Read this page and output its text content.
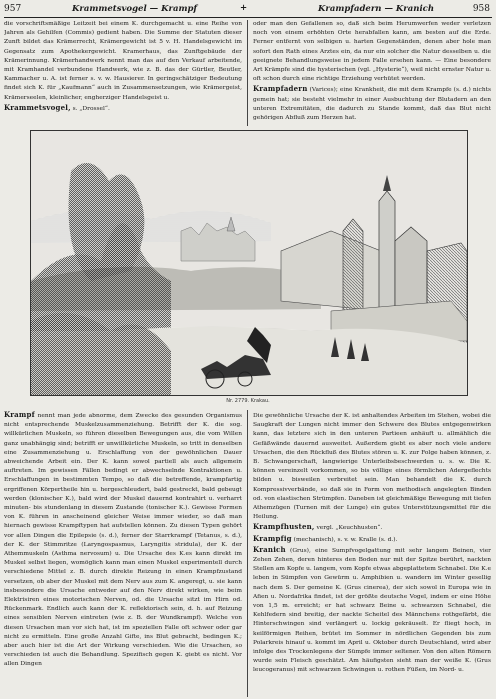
957	Krammetsvogel — Krampf	+	Krampfadern — Kranich	958

die vorschriftsmäßige Leitzeit bei einem K. durchgemacht u. eine Reihe von Jahren als Gehilfen (Commis) gedient haben. Die Summe der Statuten dieser Zunft bildet das Krämerrecht, Krämergewicht ist 5 v. H. Handelsgewicht im Gegensatz zum Apothekergewicht. Kramerhaus, das Zunftgebäude der Krämerinnung. Krämerhandwerk nennt man das auf den Verkauf arbeitende, mit Kramhandel verbundene Handwerk, wie z. B. das der Gürtler, Beutler, Kammacher u. A. ist ferner s. v. w. Hausierer. In geringschätziger Bedeutung findet sich K. für „Kaufmann“ auch in Zusammensetzungen, wie Krämergeist, Krämerseelen, kleinlicher, engherziger Handelsgeist u.

Krammetsvogel, s. „Drossel“.

oder man den Gefallenen so, daß sich beim Herumwerfen weder verletzen noch von einem erhöhten Orte herabfallen kann, am besten auf die Erde. Ferner entfernt von selbigen u. harten Gegenständen, denen aber hole man sofort den Rath eines Arztes ein, da nur ein solcher die Natur desselben u. die geeignete Behandlungsweise in jedem Falle ersehen kann. — Eine besondere Art Krämpfe sind die hysterischen (vgl. „Hysterie“), weil nicht ernster Natur u. oft schon durch eine richtige Erziehung verhütet werden.

Krampfadern (Varices); eine Krankheit, die mit dem Krampfe (s. d.) nichts gemein hat; sie besteht vielmehr in einer Ausbuchtung der Blutadern an den unteren Extremitäten, die dadurch zu Stande kommt, daß das Blut nicht gehörigen Abfluß zum Herzen hat.

Nr. 2779. Krakau.

Krampf nennt man jede abnorme, dem Zwecke des gesunden Organismus nicht entsprechende Muskelzusammenziehung. Betrifft der K. die sog. willkürlichen Muskeln, so führen dieselben Bewegungen aus, die vom Willen ganz unabhängig sind; betrifft er unwillkürliche Muskeln, so tritt in denselben eine Zusammenziehung u. Erschlaffung von der gewöhnlichen Dauer abweichende Arbeit ein. Der K. kann sowol partiell als auch allgemein auftreten. Im gewissen Fällen bedingt er abwechselnde Kontraktionen u. Erschlaffungen in bestimmten Tempo, so daß die betreffende, krampfartig ergriffenen Körpertheile hin u. hergeschleudert, bald gestreckt, bald gebeugt werden (klonischer K.), bald wird der Muskel dauernd kontrahirt u. verharrt minuten- bis stundenlang in diesem Zustande (tonischer K.). Gewisse Formen von K. führen in anscheinend gleicher Weise immer wieder, so daß man hiernach gewisse Krampftypen hat aufstellen können. Zu diesen Typen gehört vor allen Dingen die Epilepsie (s. d.), ferner der Starrkrampf (Tetanus, s. d.), der K. der Stimmritze (Laryngospasmus, Laryngitis stridula), der K. der Athemmuskeln (Asthma nervosum) u. Die Ursache des K.es kann direkt im Muskel selbst liegen, womöglich kann man einen Muskel experimentell durch verschiedene Mittel z. B. durch direkte Reizung in einen Krampfzustand versetzen, ob aber der Muskel mit dem Nerv aus zum K. angeregt, u. sie kann insbesondere die Ursache entweder auf den Nerv direkt wirken, wie beim Elektrisiren eines motorischen Nerven, od. die Ursache sitzt im Hirn od. Rückenmark. Endlich auch kann der K. reflektorisch sein, d. h. auf Reizung eines sensiblen Nerven eintreten (wie z. B. der Wundkrampf). Welche von diesen Ursachen man vor sich hat, ist im speziellen Falle oft schwer oder gar nicht zu ermitteln. Eine große Anzahl Gifte, ins Blut gebracht, bedingen K.; aber auch hier ist die Art der Wirkung verschieden. Wie die Ursachen, so verschieden ist auch die Behandlung. Spezifisch gegen K. giebt es nicht. Vor allen Dingen

Die gewöhnliche Ursache der K. ist anhaltendes Arbeiten im Stehen, wobei die Saugkraft der Lungen nicht immer den Schwere des Blutes entgegenwirken kann, das letztere sich in den unteren Partieen anhäuft u. allmählich die Gefäßwände dauernd ausweitet. Außerdem giebt es aber noch viele andere Ursachen, die den Rückfluß des Blutes stören u. K. zur Folge haben können, z. B. Schwangerschaft, langwierige Unterleibsbeschwerden u. s. w. Die K. können vereinzelt vorkommen, so bis völlige eines förmlichen Adergeflechts bilden u. bisweilen verbreitet sein. Man behandelt die K. durch Kompressivverbände, so daß sie in Form von methodisch angelegten Binden od. von elastischen Strümpfen. Daneben ist gleichmäßige Bewegung mit tiefen Athemzügen (Turnen mit der Lunge) ein gutes Unterstützungsmittel für die Heilung.

Krampfhusten, vergl. „Keuchhusten“.

Krampfig (mechanisch), s. v. w. Kralle (s. d.).

Kranich (Grus), eine Sumpfvogelgattung mit sehr langem Beinen, vier Zehen Zehen, deren hinteres den Boden nur mit der Spitze berührt, nackten Stellen am Kopfe u. langem, vom Kopfe etwas abgeplattetem Schnabel. Die K.e leben in Sümpfen von Gewürm u. Amphibien u. wandern im Winter gesellig nach dem S. Der gemeine K. (Grus cinerea), der sich sowol in Europa wie in Afien u. Nordafrika findet, ist der größte deutsche Vogel, indem er eine Höhe von 1,5 m. erreicht; er hat schwarz Beine u. schwarzen Schnabel, die Kehlfedern sind breitig, der nackte Scheitel des Männchens rothgefärbt, die Hinterschwingen sind verlängert u. lockig gekräuselt. Er fliegt hoch, in keilförmigen Reihen, brütet im Sommer in nördlichen Gegenden bis zum Polarkreis hinauf u. kommt im April u. Oktober durch Deutschland, wird aber infolge des Trockenlegens der Sümpfe immer seltener. Von den alten Römern wurde sein Fleisch geschätzt. Am häufigsten sieht man der weiße K. (Grus leucogeranus) mit schwarzen Schwingen u. rothen Füßen, im Nord- u.
